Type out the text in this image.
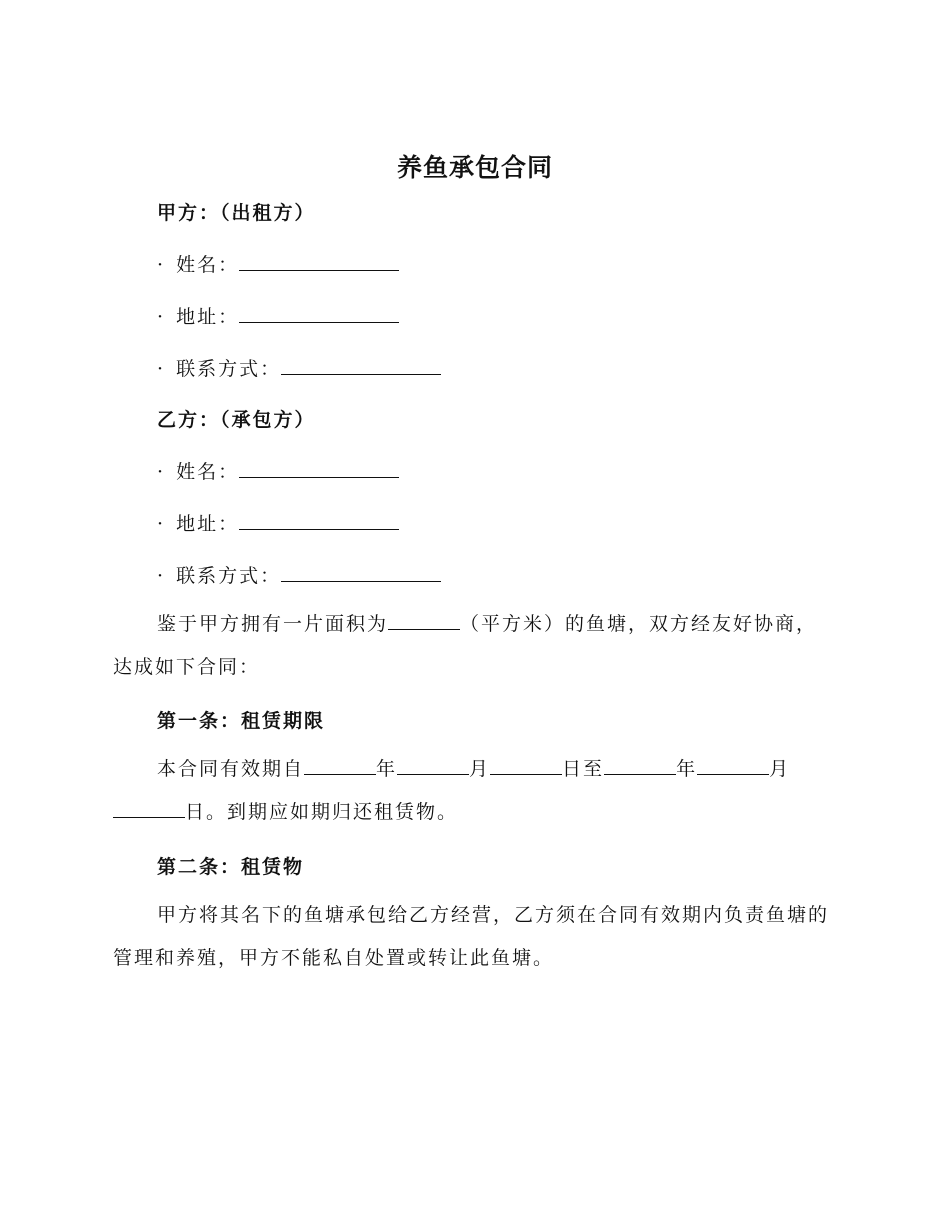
养鱼承包合同
甲方：（出租方）
· 姓名：
· 地址：
· 联系方式：
乙方：（承包方）
· 姓名：
· 地址：
· 联系方式：
鉴于甲方拥有一片面积为	（平方米）的鱼塘，双方经友好协商，达成如下合同：
第一条：租赁期限
本合同有效期自	年	月	日至	年	月日。到期应如期归还租赁物。
第二条：租赁物
甲方将其名下的鱼塘承包给乙方经营，乙方须在合同有效期内负责鱼塘的管理和养殖，甲方不能私自处置或转让此鱼塘。
